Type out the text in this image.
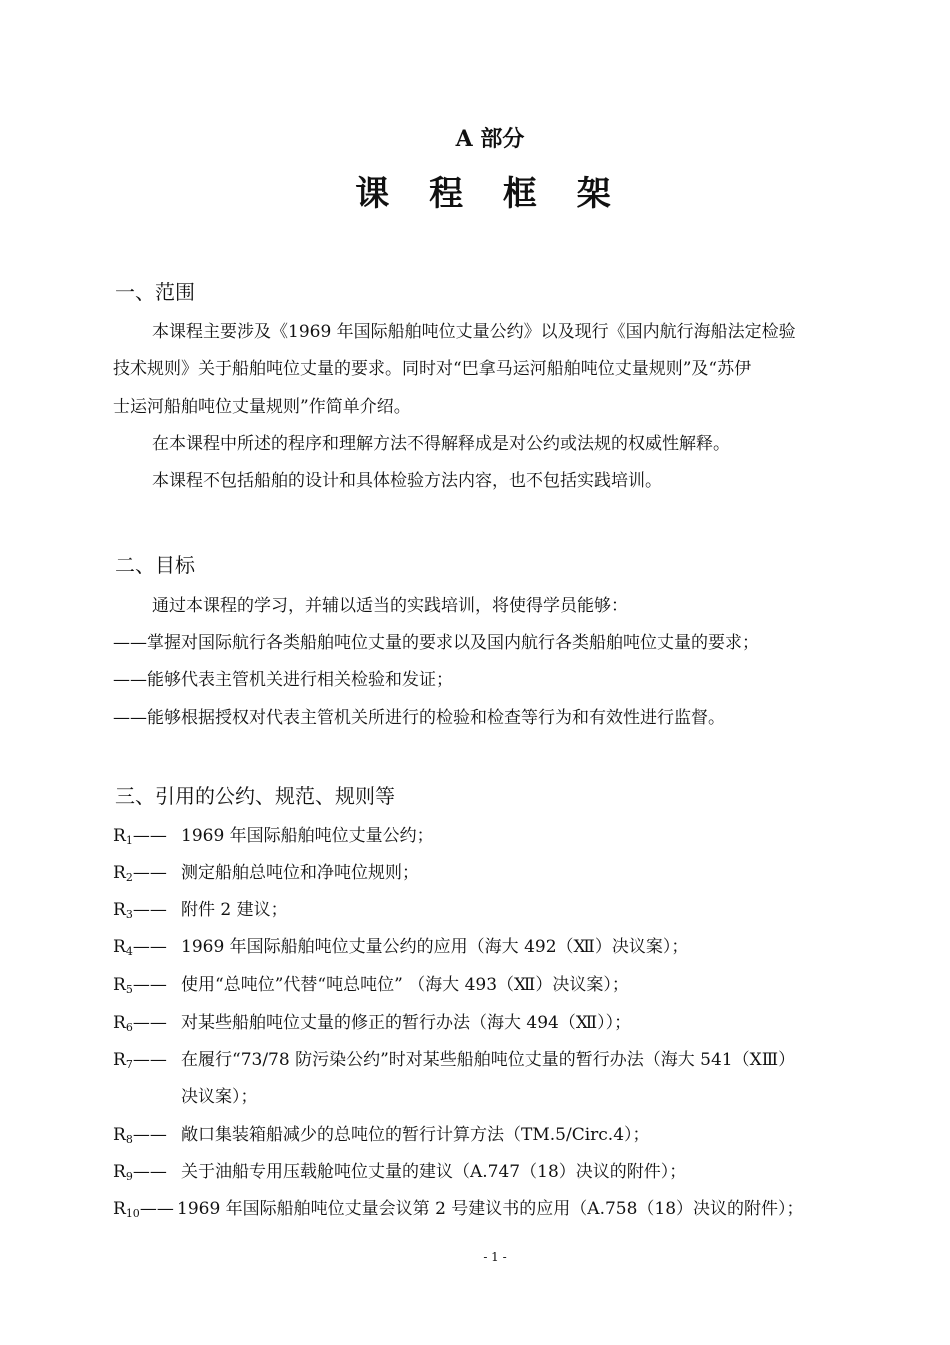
A 部分
课 程 框 架
一、范围
本课程主要涉及《1969 年国际船舶吨位丈量公约》以及现行《国内航行海船法定检验
技术规则》关于船舶吨位丈量的要求。同时对“巴拿马运河船舶吨位丈量规则”及“苏伊
士运河船舶吨位丈量规则”作简单介绍。
在本课程中所述的程序和理解方法不得解释成是对公约或法规的权威性解释。
本课程不包括船舶的设计和具体检验方法内容，也不包括实践培训。
二、目标
通过本课程的学习，并辅以适当的实践培训，将使得学员能够：
——掌握对国际航行各类船舶吨位丈量的要求以及国内航行各类船舶吨位丈量的要求；
——能够代表主管机关进行相关检验和发证；
——能够根据授权对代表主管机关所进行的检验和检查等行为和有效性进行监督。
三、引用的公约、规范、规则等
$R_1——$ 1969 年国际船舶吨位丈量公约；
$R_2——$ 测定船舶总吨位和净吨位规则；
$R_3——$ 附件 2 建议；
$R_4——$ 1969 年国际船舶吨位丈量公约的应用（海大 492（Ⅻ）决议案）；
$R_5——$ 使用“总吨位”代替“吨总吨位” （海大 493（Ⅻ）决议案）；
$R_6——$ 对某些船舶吨位丈量的修正的暂行办法（海大 494（Ⅻ））；
$R_7——$ 在履行“73/78 防污染公约”时对某些船舶吨位丈量的暂行办法（海大 541（ⅩⅢ）
决议案）；
$R_8——$ 敞口集装箱船减少的总吨位的暂行计算方法（TM.5/Circ.4）；
$R_9——$ 关于油船专用压载舱吨位丈量的建议（A.747（18）决议的附件）；
$R_{10}——$ 1969 年国际船舶吨位丈量会议第 2 号建议书的应用（A.758（18）决议的附件）；
- 1 -
